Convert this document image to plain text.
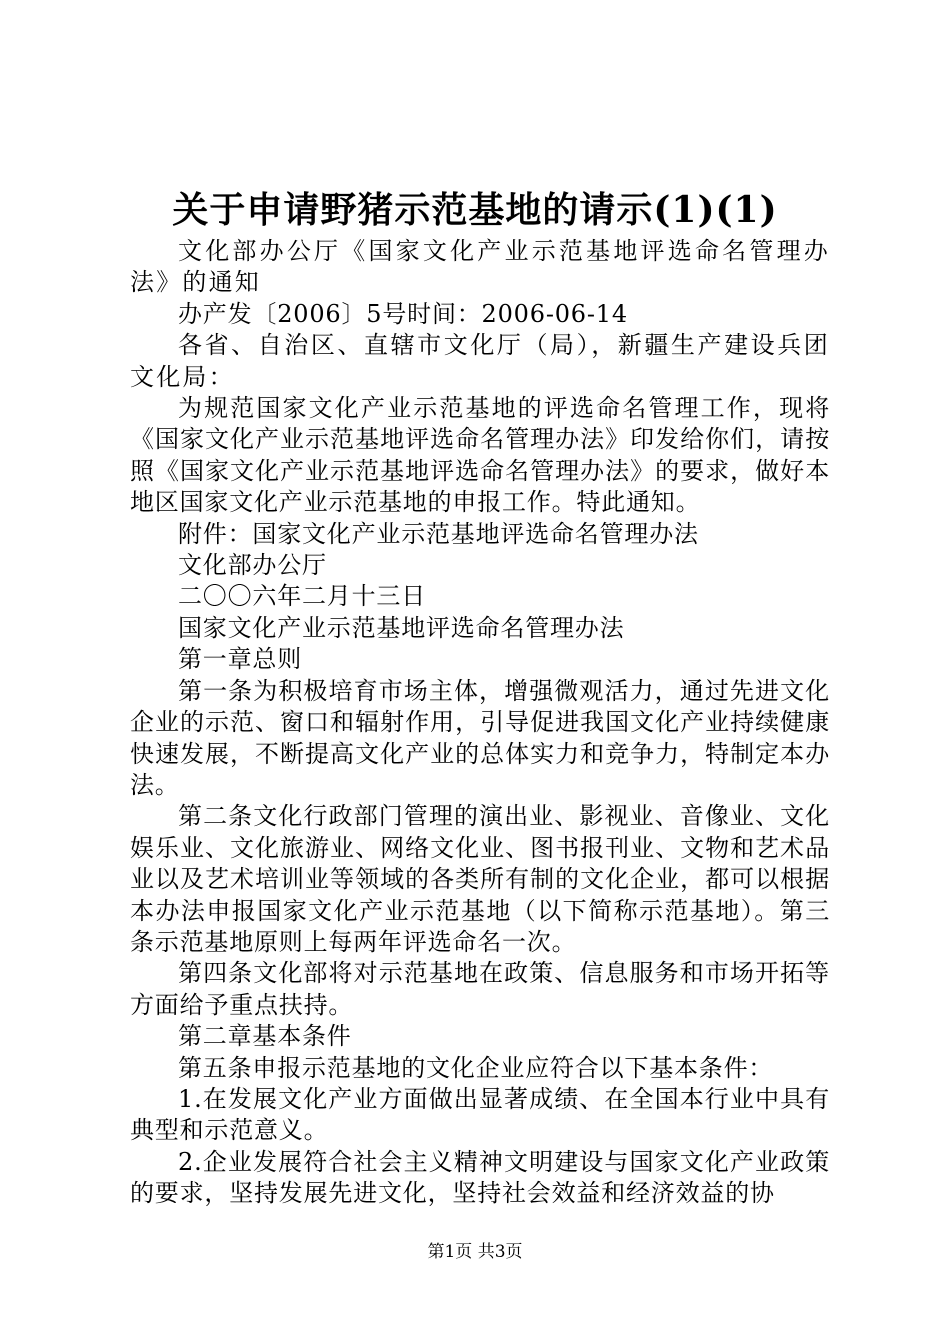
关于申请野猪示范基地的请示(1)(1)

文化部办公厅《国家文化产业示范基地评选命名管理办法》的通知

办产发〔2006〕5号时间：2006-06-14

各省、自治区、直辖市文化厅（局），新疆生产建设兵团文化局：

为规范国家文化产业示范基地的评选命名管理工作，现将《国家文化产业示范基地评选命名管理办法》印发给你们，请按照《国家文化产业示范基地评选命名管理办法》的要求，做好本地区国家文化产业示范基地的申报工作。特此通知。

附件：国家文化产业示范基地评选命名管理办法

文化部办公厅

二〇〇六年二月十三日

国家文化产业示范基地评选命名管理办法

第一章总则

第一条为积极培育市场主体，增强微观活力，通过先进文化企业的示范、窗口和辐射作用，引导促进我国文化产业持续健康快速发展，不断提高文化产业的总体实力和竞争力，特制定本办法。

第二条文化行政部门管理的演出业、影视业、音像业、文化娱乐业、文化旅游业、网络文化业、图书报刊业、文物和艺术品业以及艺术培训业等领域的各类所有制的文化企业，都可以根据本办法申报国家文化产业示范基地（以下简称示范基地）。第三条示范基地原则上每两年评选命名一次。

第四条文化部将对示范基地在政策、信息服务和市场开拓等方面给予重点扶持。

第二章基本条件

第五条申报示范基地的文化企业应符合以下基本条件：

1.在发展文化产业方面做出显著成绩、在全国本行业中具有典型和示范意义。

2.企业发展符合社会主义精神文明建设与国家文化产业政策的要求，坚持发展先进文化，坚持社会效益和经济效益的协

第1页 共3页
